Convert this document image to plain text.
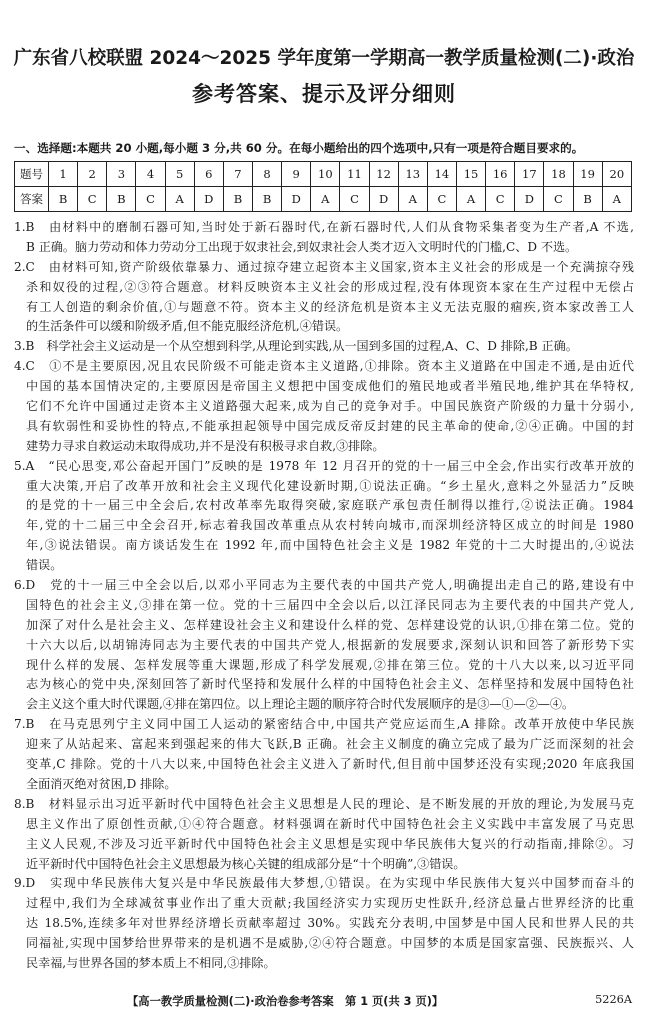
广东省八校联盟 2024～2025 学年度第一学期高一教学质量检测(二)·政治
参考答案、提示及评分细则
一、选择题:本题共 20 小题,每小题 3 分,共 60 分。在每小题给出的四个选项中,只有一项是符合题目要求的。
题号	1	2	3	4	5	6	7	8	9	10	11	12	13	14	15	16	17	18	19	20
答案	B	C	B	C	A	D	B	B	D	A	C	D	A	C	A	C	D	C	B	A
1.B　由材料中的磨制石器可知,当时处于新石器时代,在新石器时代,人们从食物采集者变为生产者,A 不选,
B 正确。脑力劳动和体力劳动分工出现于奴隶社会,到奴隶社会人类才迈入文明时代的门槛,C、D 不选。
2.C　由材料可知,资产阶级依靠暴力、通过掠夺建立起资本主义国家,资本主义社会的形成是一个充满掠夺残
杀和奴役的过程,②③符合题意。材料反映资本主义社会的形成过程,没有体现资本家在生产过程中无偿占
有工人创造的剩余价值,①与题意不符。资本主义的经济危机是资本主义无法克服的痼疾,资本家改善工人
的生活条件可以缓和阶级矛盾,但不能克服经济危机,④错误。
3.B　科学社会主义运动是一个从空想到科学,从理论到实践,从一国到多国的过程,A、C、D 排除,B 正确。
4.C　①不是主要原因,况且农民阶级不可能走资本主义道路,①排除。资本主义道路在中国走不通,是由近代
中国的基本国情决定的,主要原因是帝国主义想把中国变成他们的殖民地或者半殖民地,维护其在华特权,
它们不允许中国通过走资本主义道路强大起来,成为自己的竞争对手。中国民族资产阶级的力量十分弱小,
具有软弱性和妥协性的特点,不能承担起领导中国完成反帝反封建的民主革命的使命,②④正确。中国的封
建势力寻求自救运动未取得成功,并不是没有积极寻求自救,③排除。
5.A　“民心思变,邓公奋起开国门”反映的是 1978 年 12 月召开的党的十一届三中全会,作出实行改革开放的
重大决策,开启了改革开放和社会主义现代化建设新时期,①说法正确。“乡土星火,意料之外显活力”反映
的是党的十一届三中全会后,农村改革率先取得突破,家庭联产承包责任制得以推行,②说法正确。1984
年,党的十二届三中全会召开,标志着我国改革重点从农村转向城市,而深圳经济特区成立的时间是 1980
年,③说法错误。南方谈话发生在 1992 年,而中国特色社会主义是 1982 年党的十二大时提出的,④说法
错误。
6.D　党的十一届三中全会以后,以邓小平同志为主要代表的中国共产党人,明确提出走自己的路,建设有中
国特色的社会主义,③排在第一位。党的十三届四中全会以后,以江泽民同志为主要代表的中国共产党人,
加深了对什么是社会主义、怎样建设社会主义和建设什么样的党、怎样建设党的认识,①排在第二位。党的
十六大以后,以胡锦涛同志为主要代表的中国共产党人,根据新的发展要求,深刻认识和回答了新形势下实
现什么样的发展、怎样发展等重大课题,形成了科学发展观,②排在第三位。党的十八大以来,以习近平同
志为核心的党中央,深刻回答了新时代坚持和发展什么样的中国特色社会主义、怎样坚持和发展中国特色社
会主义这个重大时代课题,④排在第四位。以上理论主题的顺序符合时代发展顺序的是③—①—②—④。
7.B　在马克思列宁主义同中国工人运动的紧密结合中,中国共产党应运而生,A 排除。改革开放使中华民族
迎来了从站起来、富起来到强起来的伟大飞跃,B 正确。社会主义制度的确立完成了最为广泛而深刻的社会
变革,C 排除。党的十八大以来,中国特色社会主义进入了新时代,但目前中国梦还没有实现;2020 年底我国
全面消灭绝对贫困,D 排除。
8.B　材料显示出习近平新时代中国特色社会主义思想是人民的理论、是不断发展的开放的理论,为发展马克
思主义作出了原创性贡献,①④符合题意。材料强调在新时代中国特色社会主义实践中丰富发展了马克思
主义人民观,不涉及习近平新时代中国特色社会主义思想是实现中华民族伟大复兴的行动指南,排除②。习
近平新时代中国特色社会主义思想最为核心关键的组成部分是“十个明确”,③错误。
9.D　实现中华民族伟大复兴是中华民族最伟大梦想,①错误。在为实现中华民族伟大复兴中国梦而奋斗的
过程中,我们为全球减贫事业作出了重大贡献;我国经济实力实现历史性跃升,经济总量占世界经济的比重
达 18.5%,连续多年对世界经济增长贡献率超过 30%。实践充分表明,中国梦是中国人民和世界人民的共
同福祉,实现中国梦给世界带来的是机遇不是威胁,②④符合题意。中国梦的本质是国家富强、民族振兴、人
民幸福,与世界各国的梦本质上不相同,③排除。
【高一教学质量检测(二)·政治卷参考答案　第 1 页(共 3 页)】	5226A
